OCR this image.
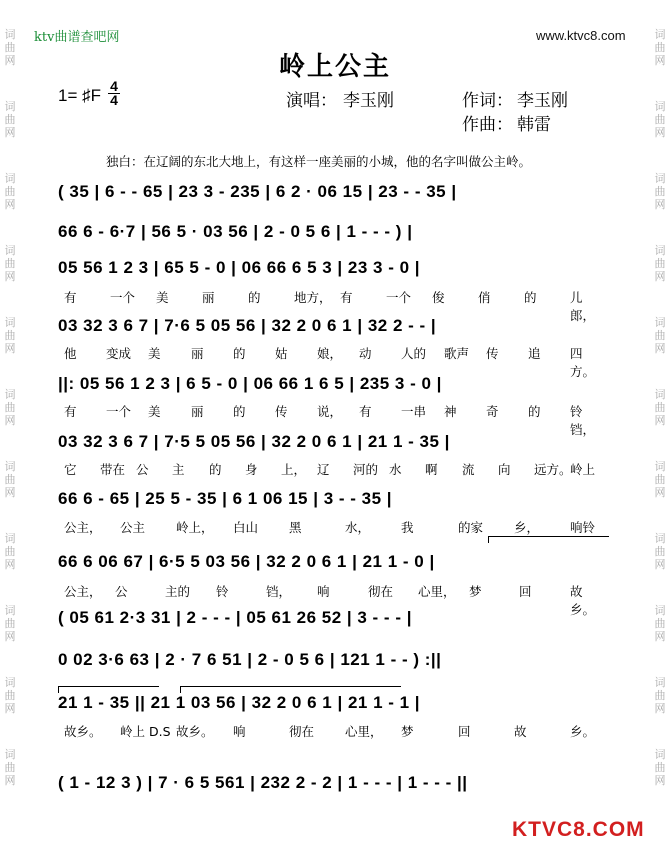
词
曲
网
词
曲
网
词
曲
网
词
曲
网
词
曲
网
词
曲
网
词
曲
网
词
曲
网
词
曲
网
词
曲
网
词
曲
网
词
曲
网
词
曲
网
词
曲
网
词
曲
网
词
曲
网
词
曲
网
词
曲
网
词
曲
网
词
曲
网
词
曲
网
词
曲
网
ktv曲谱查吧网	www.ktvc8.com
岭上公主
1= ♯F 4
4	演唱： 李玉刚	作词： 李玉刚
作曲： 韩雷
独白：在辽阔的东北大地上，有这样一座美丽的小城，他的名字叫做公主岭。
( 35 | 6 - - 65 | 23 3 - 235 | 6 2 · 06 15 | 23 - - 35 |
66 6 - 6·7 | 56 5 · 03 56 | 2 - 0 5 6 | 1 - - - ) |
05 56 1 2 3 | 65 5 - 0 | 06 66 6 5 3 | 23 3 - 0 |
有	一个 美	丽	的	地方， 有	一个 俊	俏	的	儿郎，
03 32 3 6 7 | 7·6 5 05 56 | 32 2 0 6 1 | 32 2 - - |
他 变成 美 丽 的 姑 娘， 动 人的 歌声 传 追 四方。
||: 05 56 1 2 3 | 6 5 - 0 | 06 66 1 6 5 | 235 3 - 0 |
有 一个 美 丽 的 传 说， 有 一串 神 奇 的 铃铛，
03 32 3 6 7 | 7·5 5 05 56 | 32 2 0 6 1 | 21 1 - 35 |
它 带在 公 主 的 身 上， 辽 河的 水 啊 流 向 远方。
岭上
66 6 - 65 | 25 5 - 35 | 6 1 06 15 | 3 - - 35 |
公主， 公主 岭上， 白山 黑	水， 我	的家 乡， 响铃
66 6 06 67 | 6·5 5 03 56 | 32 2 0 6 1 | 21 1 - 0 |
公主， 公	主的 铃	铛， 响	彻在 心里， 梦	回	故乡。
( 05 61 2·3 31 | 2 - - - | 05 61 26 52 | 3 - - - |
0 02 3·6 63 | 2 · 7 6 51 | 2 - 0 5 6 | 121 1 - - ) :||
21 1 - 35 || 21 1 03 56 | 32 2 0 6 1 | 21 1 - 1 |
故乡。 岭上 D.S 故乡。 响	彻在 心里， 梦	回	故	乡。
( 1 - 12 3 ) | 7 · 6 5 561 | 232 2 - 2 | 1 - - - | 1 - - - ||
KTVC8.COM
